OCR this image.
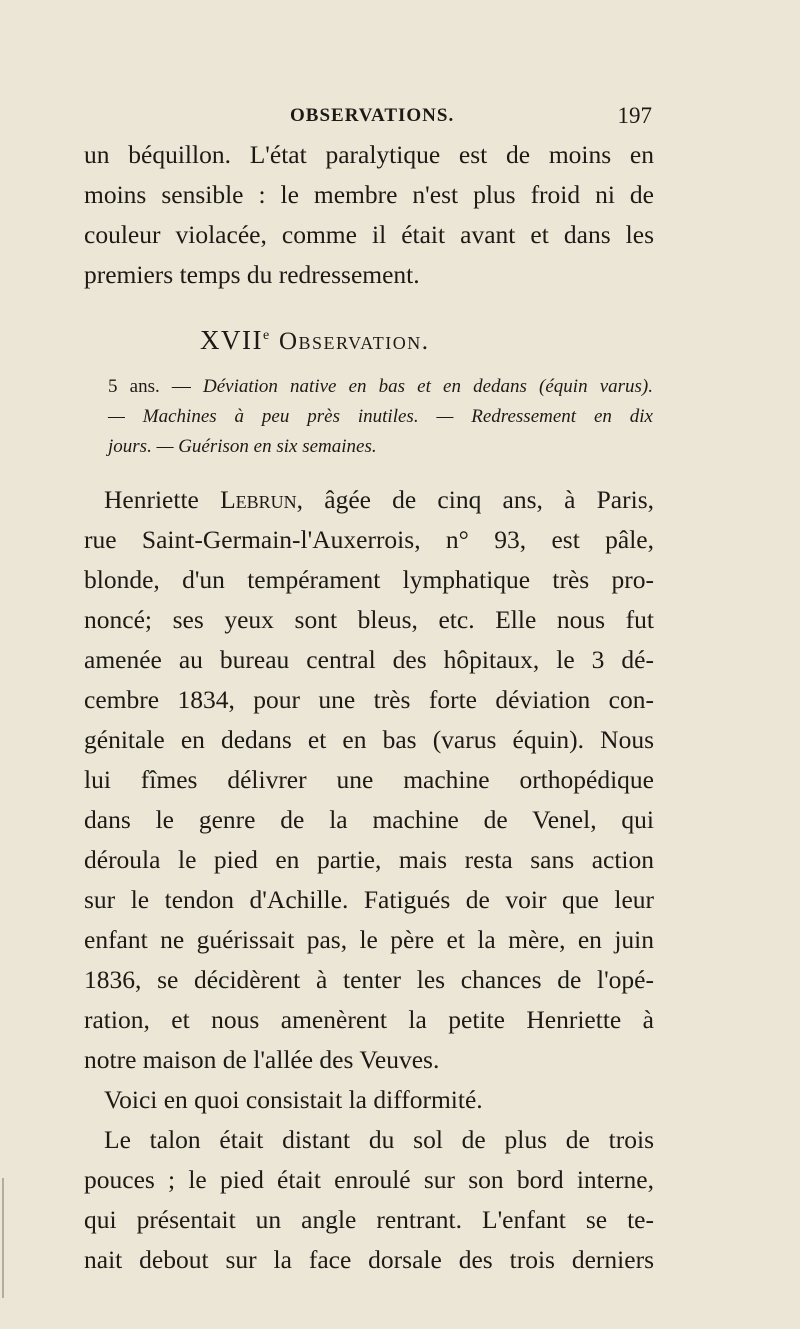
OBSERVATIONS.	197
un béquillon. L'état paralytique est de moins en
moins sensible : le membre n'est plus froid ni de
couleur violacée, comme il était avant et dans les
premiers temps du redressement.
XVIIe Observation.
5 ans. — Déviation native en bas et en dedans (équin varus).
— Machines à peu près inutiles. — Redressement en dix
jours. — Guérison en six semaines.
Henriette Lebrun, âgée de cinq ans, à Paris,
rue Saint-Germain-l'Auxerrois, n° 93, est pâle,
blonde, d'un tempérament lymphatique très pro-
noncé; ses yeux sont bleus, etc. Elle nous fut
amenée au bureau central des hôpitaux, le 3 dé-
cembre 1834, pour une très forte déviation con-
génitale en dedans et en bas (varus équin). Nous
lui fîmes délivrer une machine orthopédique
dans le genre de la machine de Venel, qui
déroula le pied en partie, mais resta sans action
sur le tendon d'Achille. Fatigués de voir que leur
enfant ne guérissait pas, le père et la mère, en juin
1836, se décidèrent à tenter les chances de l'opé-
ration, et nous amenèrent la petite Henriette à
notre maison de l'allée des Veuves.
Voici en quoi consistait la difformité.
Le talon était distant du sol de plus de trois
pouces ; le pied était enroulé sur son bord interne,
qui présentait un angle rentrant. L'enfant se te-
nait debout sur la face dorsale des trois derniers
